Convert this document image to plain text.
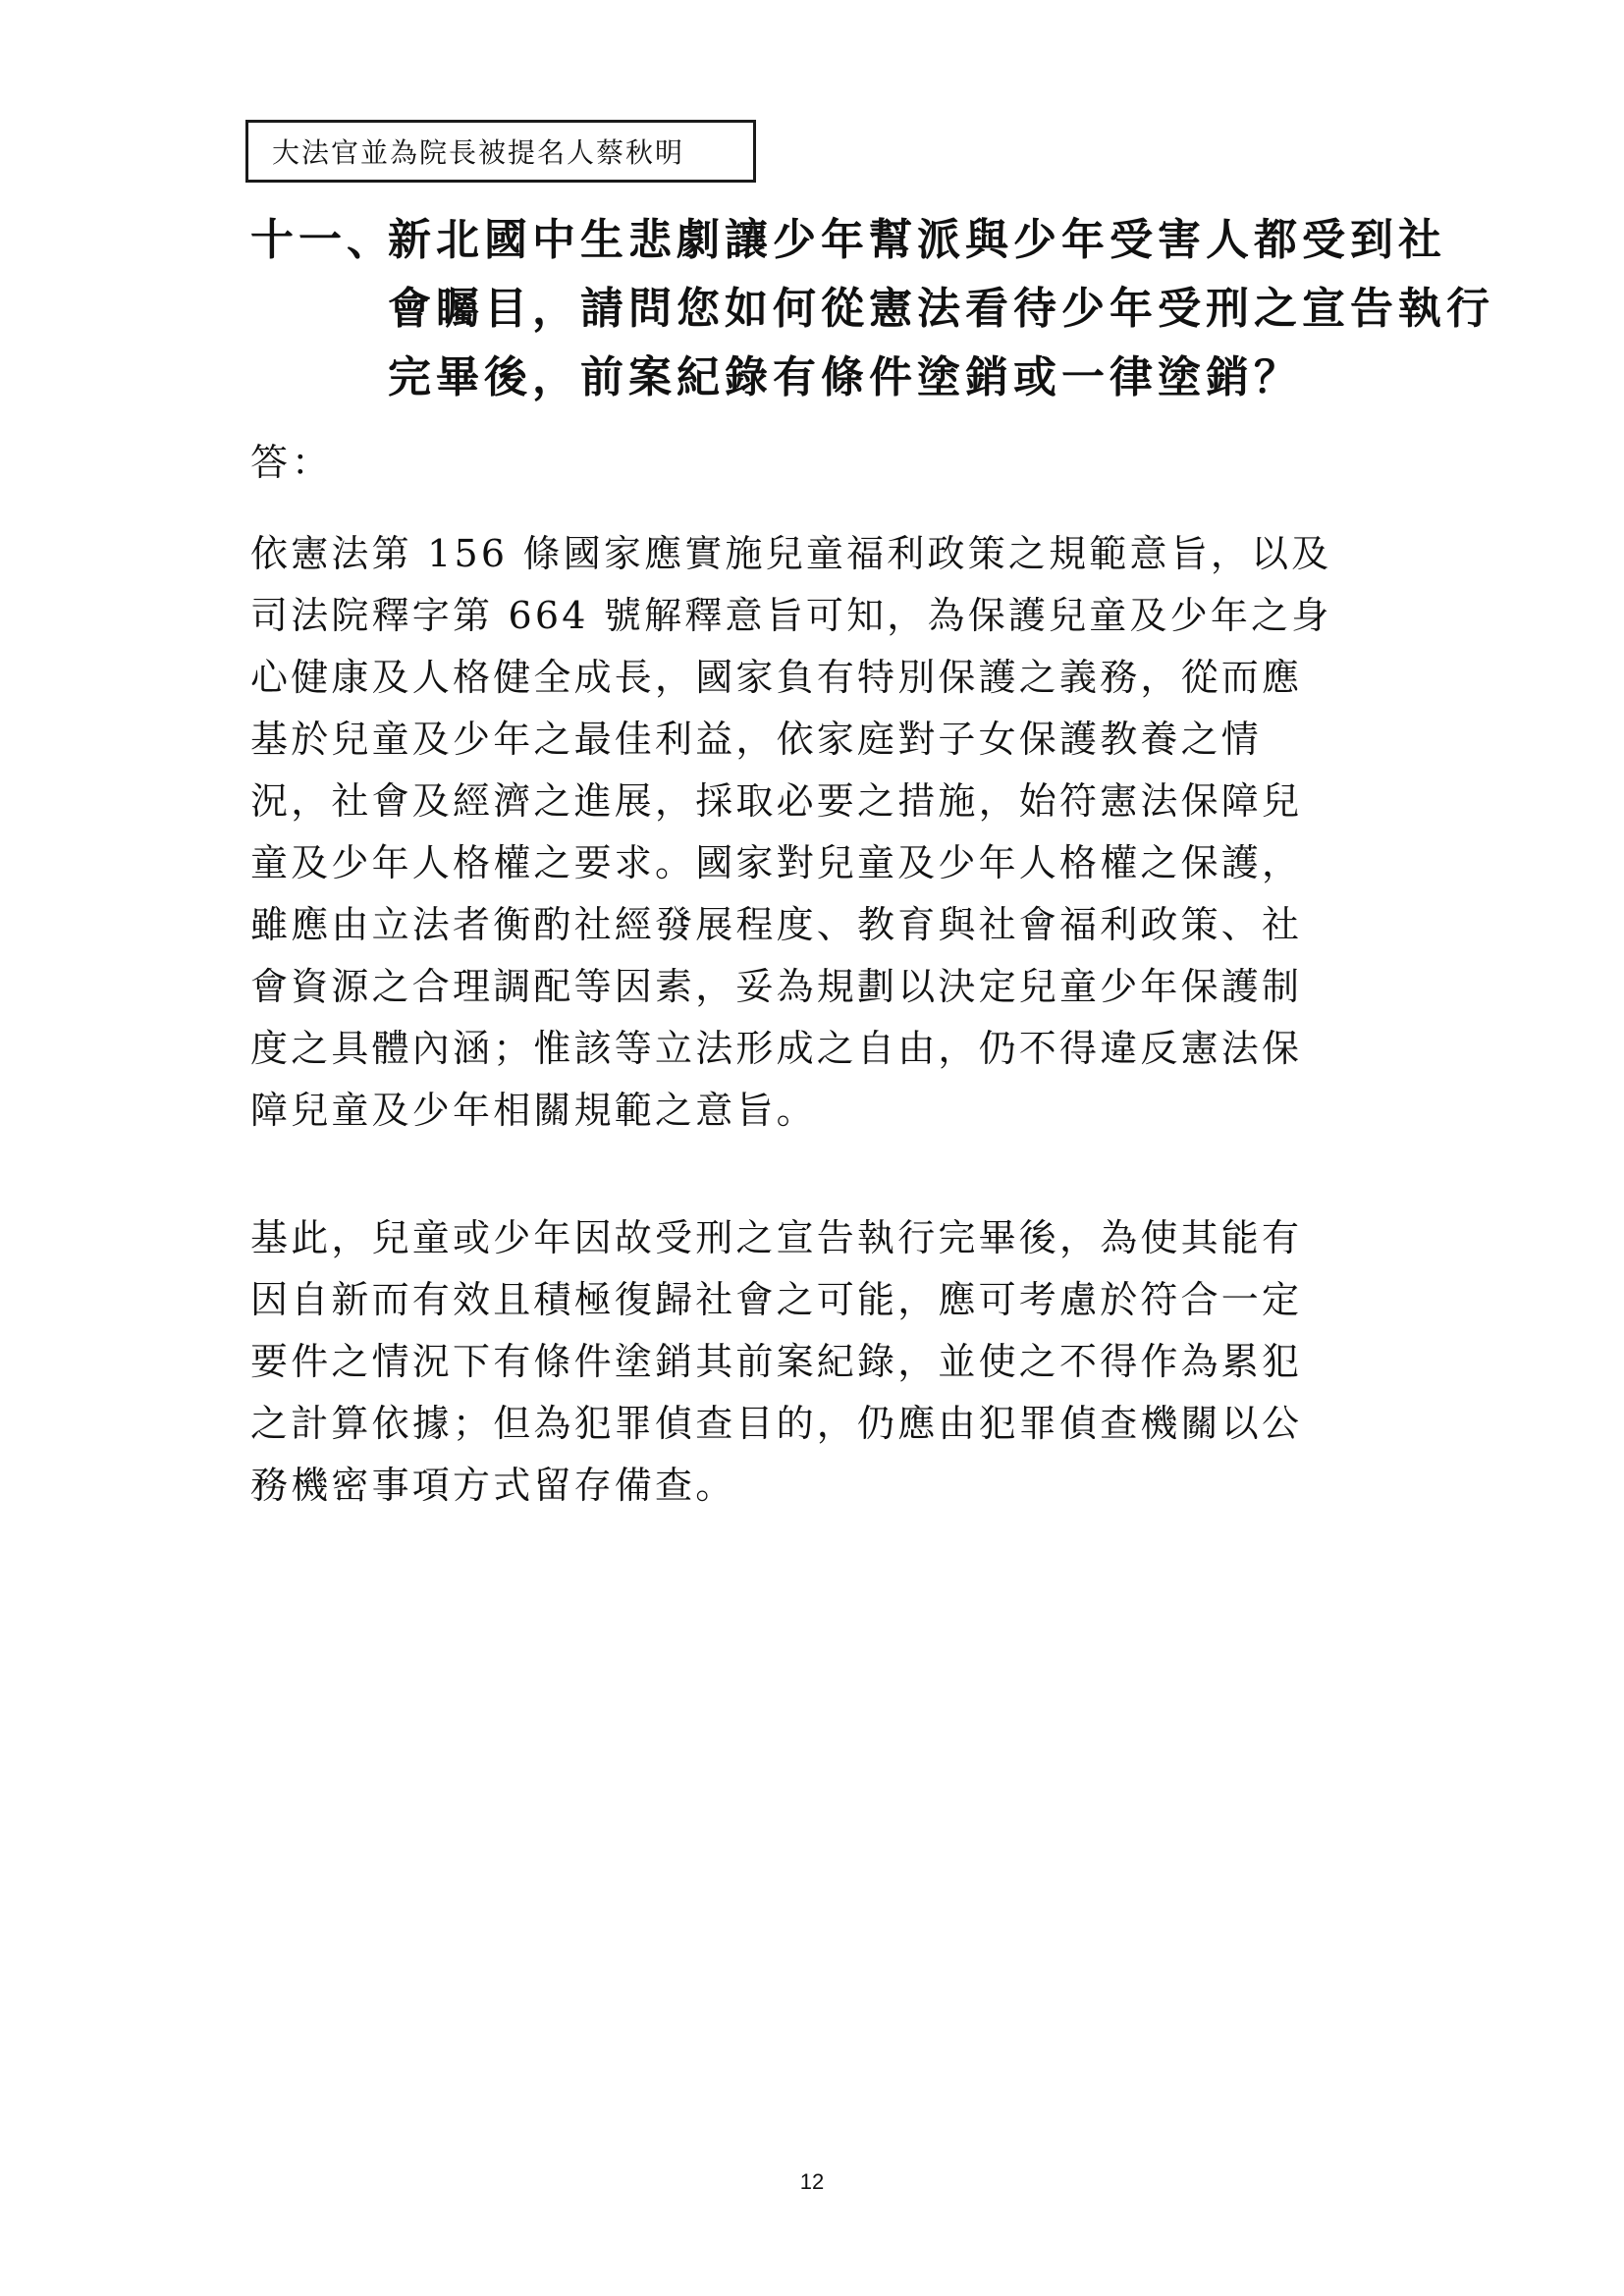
大法官並為院長被提名人蔡秋明
十一、
新北國中生悲劇讓少年幫派與少年受害人都受到社
會矚目，請問您如何從憲法看待少年受刑之宣告執行
完畢後，前案紀錄有條件塗銷或一律塗銷？
答：
依憲法第 156 條國家應實施兒童福利政策之規範意旨，以及
司法院釋字第 664 號解釋意旨可知，為保護兒童及少年之身
心健康及人格健全成長，國家負有特別保護之義務，從而應
基於兒童及少年之最佳利益，依家庭對子女保護教養之情
況，社會及經濟之進展，採取必要之措施，始符憲法保障兒
童及少年人格權之要求。國家對兒童及少年人格權之保護，
雖應由立法者衡酌社經發展程度、教育與社會福利政策、社
會資源之合理調配等因素，妥為規劃以決定兒童少年保護制
度之具體內涵；惟該等立法形成之自由，仍不得違反憲法保
障兒童及少年相關規範之意旨。
基此，兒童或少年因故受刑之宣告執行完畢後，為使其能有
因自新而有效且積極復歸社會之可能，應可考慮於符合一定
要件之情況下有條件塗銷其前案紀錄，並使之不得作為累犯
之計算依據；但為犯罪偵查目的，仍應由犯罪偵查機關以公
務機密事項方式留存備查。
12
